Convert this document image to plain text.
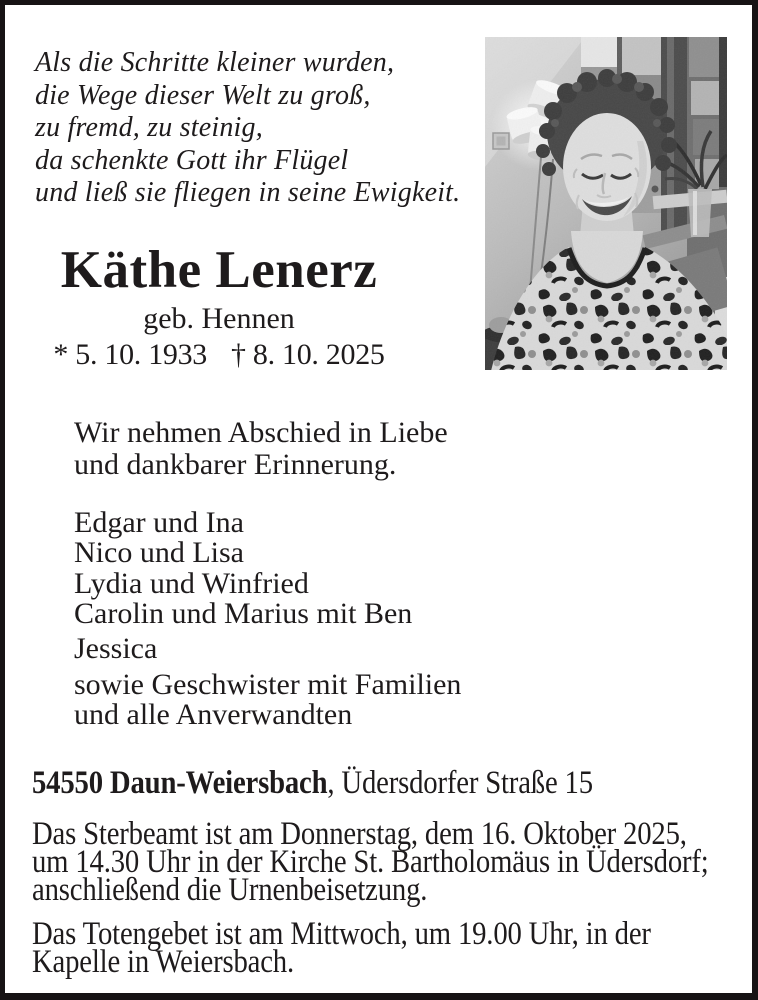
Als die Schritte kleiner wurden,
die Wege dieser Welt zu groß,
zu fremd, zu steinig,
da schenkte Gott ihr Flügel
und ließ sie fliegen in seine Ewigkeit.
Käthe Lenerz
geb. Hennen
* 5. 10. 1933 † 8. 10. 2025
Wir nehmen Abschied in Liebe
und dankbarer Erinnerung.
Edgar und Ina
Nico und Lisa
Lydia und Winfried
Carolin und Marius mit Ben
Jessica
sowie Geschwister mit Familien
und alle Anverwandten
54550 Daun-Weiersbach, Üdersdorfer Straße 15
Das Sterbeamt ist am Donnerstag, dem 16. Oktober 2025,
um 14.30 Uhr in der Kirche St. Bartholomäus in Üdersdorf;
anschließend die Urnenbeisetzung.
Das Totengebet ist am Mittwoch, um 19.00 Uhr, in der
Kapelle in Weiersbach.
